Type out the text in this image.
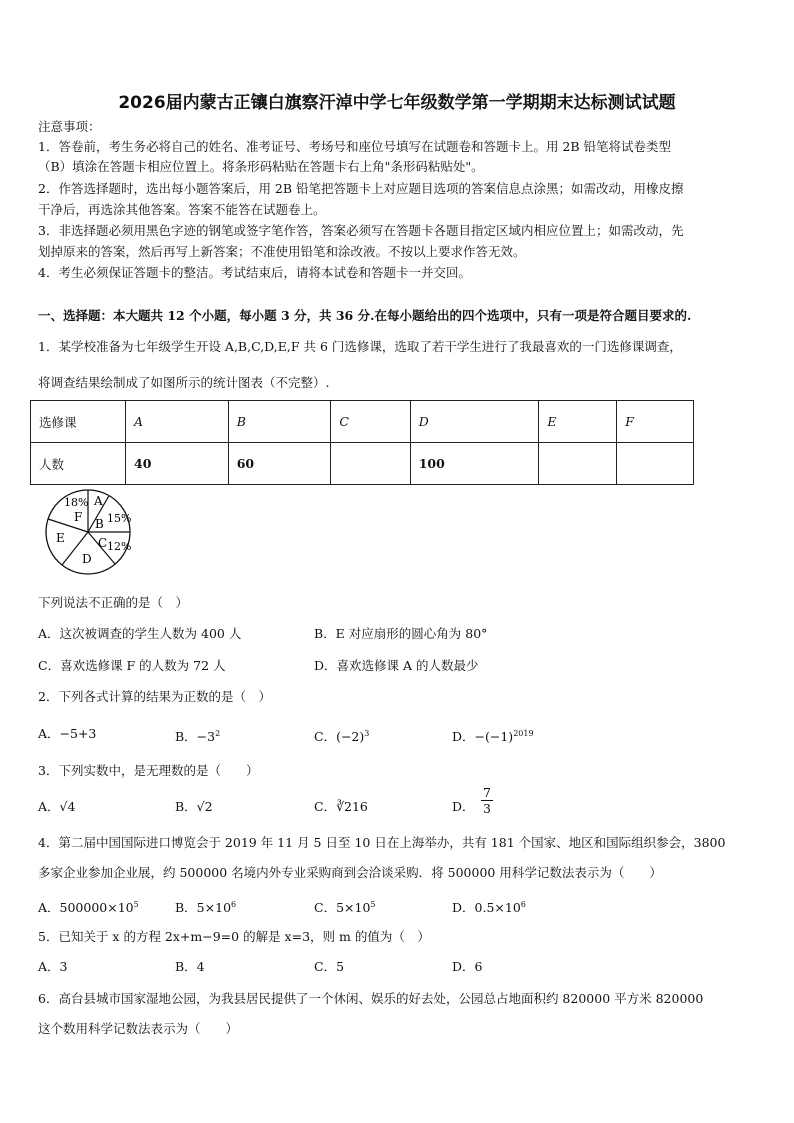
2026届内蒙古正镶白旗察汗淖中学七年级数学第一学期期末达标测试试题
注意事项：
1．答卷前，考生务必将自己的姓名、准考证号、考场号和座位号填写在试题卷和答题卡上。用 2B 铅笔将试卷类型
（B）填涂在答题卡相应位置上。将条形码粘贴在答题卡右上角"条形码粘贴处"。
2．作答选择题时，选出每小题答案后，用 2B 铅笔把答题卡上对应题目选项的答案信息点涂黑；如需改动，用橡皮擦
干净后，再选涂其他答案。答案不能答在试题卷上。
3．非选择题必须用黑色字迹的钢笔或签字笔作答，答案必须写在答题卡各题目指定区域内相应位置上；如需改动，先
划掉原来的答案，然后再写上新答案；不准使用铅笔和涂改液。不按以上要求作答无效。
4．考生必须保证答题卡的整洁。考试结束后，请将本试卷和答题卡一并交回。
一、选择题：本大题共 12 个小题，每小题 3 分，共 36 分.在每小题给出的四个选项中，只有一项是符合题目要求的.
1．某学校准备为七年级学生开设 A,B,C,D,E,F 共 6 门选修课，选取了若干学生进行了我最喜欢的一门选修课调查，
将调查结果绘制成了如图所示的统计图表（不完整）.
选修课	A	B	C	D	E	F
人数	40	60		100		
A
B 15%
C 12%
D
E
F
18%
下列说法不正确的是（　）
A．这次被调查的学生人数为 400 人	B．E 对应扇形的圆心角为 80°
C．喜欢选修课 F 的人数为 72 人	D．喜欢选修课 A 的人数最少
2．下列各式计算的结果为正数的是（　）
A．−5+3	B．$-3^2$	C．$(-2)^3$	D．$-(-1)^{2019}$
3．下列实数中，是无理数的是（　　）
A．√4	B．√2	C．∛216	D． $\frac{7}{3}$
4．第二届中国国际进口博览会于 2019 年 11 月 5 日至 10 日在上海举办，共有 181 个国家、地区和国际组织参会，3800
多家企业参加企业展，约 500000 名境内外专业采购商到会洽谈采购．将 500000 用科学记数法表示为（　　）
A．$500000\times 10^5$	B．$5\times 10^6$	C．$5\times 10^5$	D．$0.5\times 10^6$
5．已知关于 x 的方程 2x+m−9=0 的解是 x=3，则 m 的值为（　）
A．3	B．4	C．5	D．6
6．高台县城市国家湿地公园，为我县居民提供了一个休闲、娱乐的好去处，公园总占地面积约 820000 平方米 820000
这个数用科学记数法表示为（　　）
